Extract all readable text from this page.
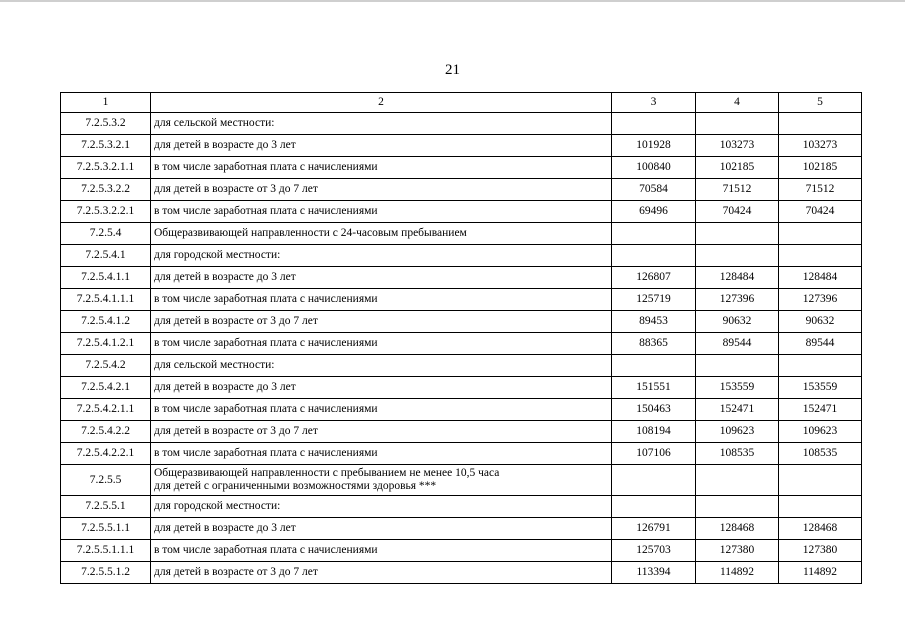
21
1	2	3	4	5
7.2.5.3.2	для сельской местности:			

7.2.5.3.2.1	для детей в возрасте до 3 лет	101928	103273	103273
7.2.5.3.2.1.1	в том числе заработная плата с начислениями	100840	102185	102185
7.2.5.3.2.2	для детей в возрасте от 3 до 7 лет	70584	71512	71512
7.2.5.3.2.2.1	в том числе заработная плата с начислениями	69496	70424	70424
7.2.5.4	Общеразвивающей направленности с 24-часовым пребыванием			

7.2.5.4.1	для городской местности:			

7.2.5.4.1.1	для детей в возрасте до 3 лет	126807	128484	128484
7.2.5.4.1.1.1	в том числе заработная плата с начислениями	125719	127396	127396
7.2.5.4.1.2	для детей в возрасте от 3 до 7 лет	89453	90632	90632
7.2.5.4.1.2.1	в том числе заработная плата с начислениями	88365	89544	89544
7.2.5.4.2	для сельской местности:			

7.2.5.4.2.1	для детей в возрасте до 3 лет	151551	153559	153559
7.2.5.4.2.1.1	в том числе заработная плата с начислениями	150463	152471	152471
7.2.5.4.2.2	для детей в возрасте от 3 до 7 лет	108194	109623	109623
7.2.5.4.2.2.1	в том числе заработная плата с начислениями	107106	108535	108535
7.2.5.5	Общеразвивающей направленности с пребыванием не менее 10,5 часа
для детей с ограниченными возможностями здоровья ***			

7.2.5.5.1	для городской местности:			

7.2.5.5.1.1	для детей в возрасте до 3 лет	126791	128468	128468
7.2.5.5.1.1.1	в том числе заработная плата с начислениями	125703	127380	127380
7.2.5.5.1.2	для детей в возрасте от 3 до 7 лет	113394	114892	114892
